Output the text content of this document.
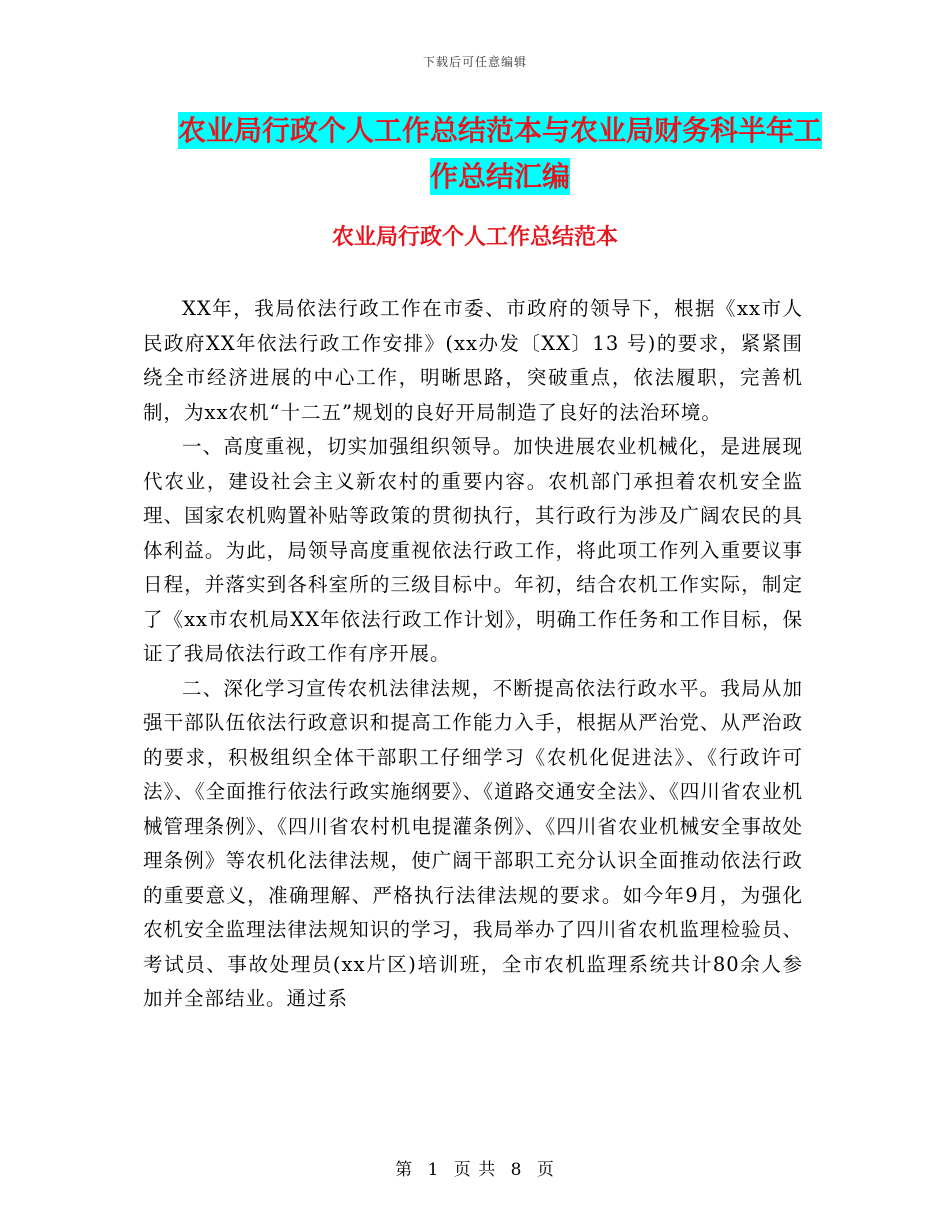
下载后可任意编辑
农业局行政个人工作总结范本与农业局财务科半年工
作总结汇编
农业局行政个人工作总结范本

XX年，我局依法行政工作在市委、市政府的领导下，根据《xx市人民政府XX年依法行政工作安排》(xx办发〔XX〕13 号)的要求，紧紧围绕全市经济进展的中心工作，明晰思路，突破重点，依法履职，完善机制，为xx农机“十二五”规划的良好开局制造了良好的法治环境。

一、高度重视，切实加强组织领导。加快进展农业机械化，是进展现代农业，建设社会主义新农村的重要内容。农机部门承担着农机安全监理、国家农机购置补贴等政策的贯彻执行，其行政行为涉及广阔农民的具体利益。为此，局领导高度重视依法行政工作，将此项工作列入重要议事日程，并落实到各科室所的三级目标中。年初，结合农机工作实际，制定了《xx市农机局XX年依法行政工作计划》，明确工作任务和工作目标，保证了我局依法行政工作有序开展。

二、深化学习宣传农机法律法规，不断提高依法行政水平。我局从加强干部队伍依法行政意识和提高工作能力入手，根据从严治党、从严治政的要求，积极组织全体干部职工仔细学习《农机化促进法》、《行政许可法》、《全面推行依法行政实施纲要》、《道路交通安全法》、《四川省农业机械管理条例》、《四川省农村机电提灌条例》、《四川省农业机械安全事故处理条例》等农机化法律法规，使广阔干部职工充分认识全面推动依法行政的重要意义，准确理解、严格执行法律法规的要求。如今年9月，为强化农机安全监理法律法规知识的学习，我局举办了四川省农机监理检验员、考试员、事故处理员(xx片区)培训班，全市农机监理系统共计80余人参加并全部结业。通过系

第 1 页 共 8 页
